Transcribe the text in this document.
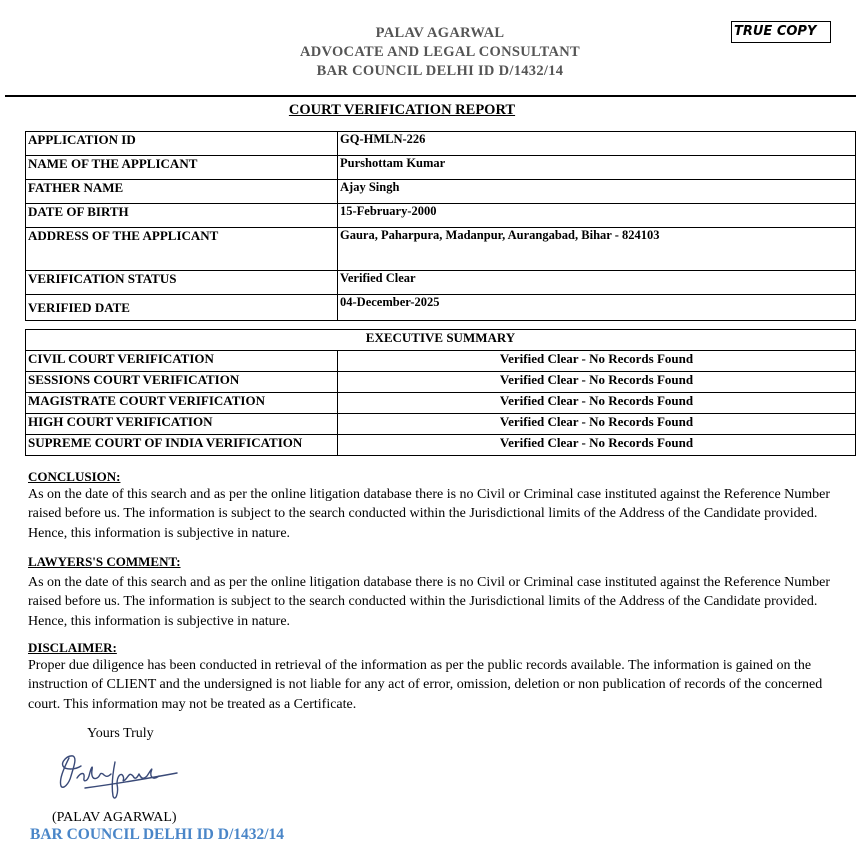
PALAV AGARWAL
ADVOCATE AND LEGAL CONSULTANT
BAR COUNCIL DELHI ID D/1432/14
TRUE COPY
COURT VERIFICATION REPORT
APPLICATION ID	GQ-HMLN-226
NAME OF THE APPLICANT	Purshottam Kumar
FATHER NAME	Ajay Singh
DATE OF BIRTH	15-February-2000
ADDRESS OF THE APPLICANT	Gaura, Paharpura, Madanpur, Aurangabad, Bihar - 824103
VERIFICATION STATUS	Verified Clear
VERIFIED DATE	04-December-2025
EXECUTIVE SUMMARY	
CIVIL COURT VERIFICATION	Verified Clear - No Records Found
SESSIONS COURT VERIFICATION	Verified Clear - No Records Found
MAGISTRATE COURT VERIFICATION	Verified Clear - No Records Found
HIGH COURT VERIFICATION	Verified Clear - No Records Found
SUPREME COURT OF INDIA VERIFICATION	Verified Clear - No Records Found
CONCLUSION:
As on the date of this search and as per the online litigation database there is no Civil or Criminal case instituted against the Reference Number raised before us. The information is subject to the search conducted within the Jurisdictional limits of the Address of the Candidate provided. Hence, this information is subjective in nature.
LAWYERS'S COMMENT:
As on the date of this search and as per the online litigation database there is no Civil or Criminal case instituted against the Reference Number raised before us. The information is subject to the search conducted within the Jurisdictional limits of the Address of the Candidate provided. Hence, this information is subjective in nature.
DISCLAIMER:
Proper due diligence has been conducted in retrieval of the information as per the public records available. The information is gained on the instruction of CLIENT and the undersigned is not liable for any act of error, omission, deletion or non publication of records of the concerned court. This information may not be treated as a Certificate.
Yours Truly
(PALAV AGARWAL)
BAR COUNCIL DELHI ID D/1432/14
